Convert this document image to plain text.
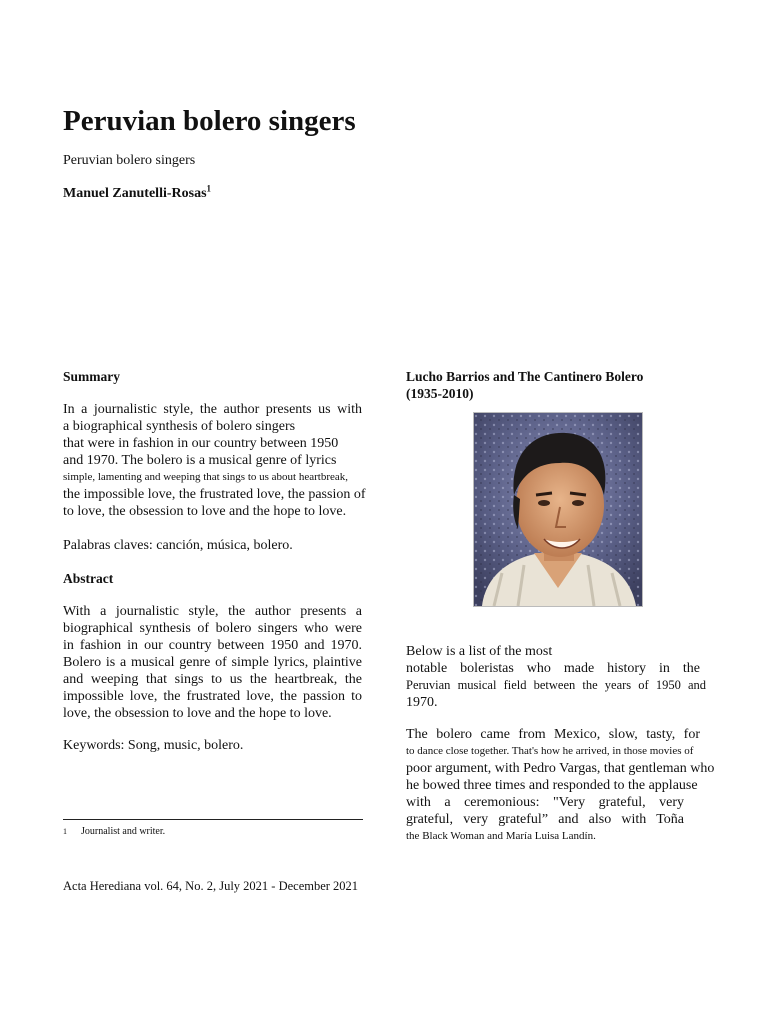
Peruvian bolero singers
Peruvian bolero singers
Manuel Zanutelli-Rosas$^1$
Summary
In a journalistic style, the author presents us with
a biographical synthesis of bolero singers
that were in fashion in our country between 1950
and 1970. The bolero is a musical genre of lyrics
simple, lamenting and weeping that sings to us about heartbreak,
the impossible love, the frustrated love, the passion of
to love, the obsession to love and the hope to love.
Palabras claves: canción, música, bolero.
Abstract
With a journalistic style, the author presents a
biographical synthesis of bolero singers who were
in fashion in our country between 1950 and 1970.
Bolero is a musical genre of simple lyrics, plaintive
and weeping that sings to us the heartbreak, the
impossible love, the frustrated love, the passion to
love, the obsession to love and the hope to love.
Keywords: Song, music, bolero.
1 Journalist and writer.
Acta Herediana vol. 64, No. 2, July 2021 - December 2021
Lucho Barrios and The Cantinero Bolero
(1935-2010)
Below is a list of the most
notable boleristas who made history in the
Peruvian musical field between the years of 1950 and
1970.
The bolero came from Mexico, slow, tasty, for
to dance close together. That's how he arrived, in those movies of
poor argument, with Pedro Vargas, that gentleman who
he bowed three times and responded to the applause
with a ceremonious: "Very grateful, very
grateful, very grateful” and also with Toña
the Black Woman and María Luisa Landín.
